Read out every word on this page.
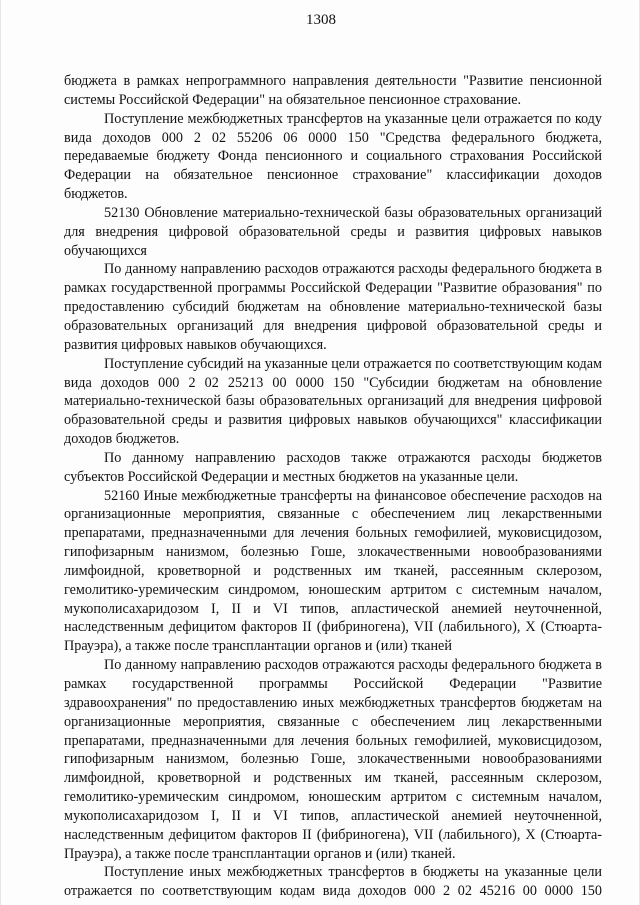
1308

бюджета в рамках непрограммного направления деятельности "Развитие пенсионной системы Российской Федерации" на обязательное пенсионное страхование.

Поступление межбюджетных трансфертов на указанные цели отражается по коду вида доходов 000 2 02 55206 06 0000 150 "Средства федерального бюджета, передаваемые бюджету Фонда пенсионного и социального страхования Российской Федерации на обязательное пенсионное страхование" классификации доходов бюджетов.

52130 Обновление материально-технической базы образовательных организаций для внедрения цифровой образовательной среды и развития цифровых навыков обучающихся

По данному направлению расходов отражаются расходы федерального бюджета в рамках государственной программы Российской Федерации "Развитие образования" по предоставлению субсидий бюджетам на обновление материально-технической базы образовательных организаций для внедрения цифровой образовательной среды и развития цифровых навыков обучающихся.

Поступление субсидий на указанные цели отражается по соответствующим кодам вида доходов 000 2 02 25213 00 0000 150 "Субсидии бюджетам на обновление материально-технической базы образовательных организаций для внедрения цифровой образовательной среды и развития цифровых навыков обучающихся" классификации доходов бюджетов.

По данному направлению расходов также отражаются расходы бюджетов субъектов Российской Федерации и местных бюджетов на указанные цели.

52160 Иные межбюджетные трансферты на финансовое обеспечение расходов на организационные мероприятия, связанные с обеспечением лиц лекарственными препаратами, предназначенными для лечения больных гемофилией, муковисцидозом, гипофизарным нанизмом, болезнью Гоше, злокачественными новообразованиями лимфоидной, кроветворной и родственных им тканей, рассеянным склерозом, гемолитико-уремическим синдромом, юношеским артритом с системным началом, мукополисахаридозом I, II и VI типов, апластической анемией неуточненной, наследственным дефицитом факторов II (фибриногена), VII (лабильного), X (Стюарта-Прауэра), а также после трансплантации органов и (или) тканей

По данному направлению расходов отражаются расходы федерального бюджета в рамках государственной программы Российской Федерации "Развитие здравоохранения" по предоставлению иных межбюджетных трансфертов бюджетам на организационные мероприятия, связанные с обеспечением лиц лекарственными препаратами, предназначенными для лечения больных гемофилией, муковисцидозом, гипофизарным нанизмом, болезнью Гоше, злокачественными новообразованиями лимфоидной, кроветворной и родственных им тканей, рассеянным склерозом, гемолитико-уремическим синдромом, юношеским артритом с системным началом, мукополисахаридозом I, II и VI типов, апластической анемией неуточненной, наследственным дефицитом факторов II (фибриногена), VII (лабильного), X (Стюарта-Прауэра), а также после трансплантации органов и (или) тканей.

Поступление иных межбюджетных трансфертов в бюджеты на указанные цели отражается по соответствующим кодам вида доходов 000 2 02 45216 00 0000 150
